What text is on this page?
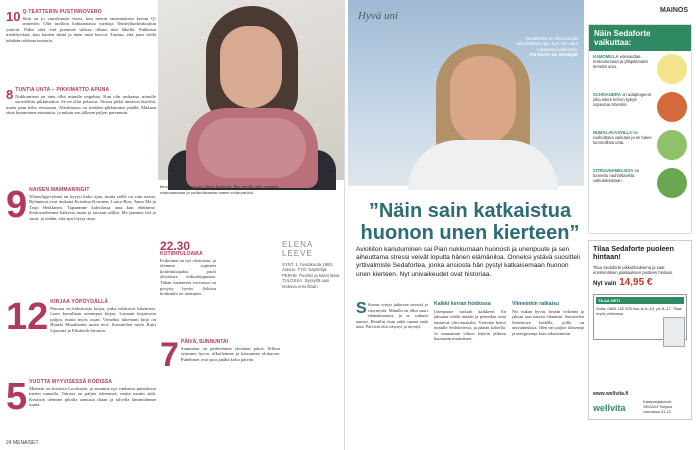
10 Q-TEATTERIN PUSTINNOVERO

Siitä on jo vuosikausia vuosi, kun menin ensimmäisen kerran Q-teatteriin. Olin tuolloin kohtaamassa vanhoja Teatterikorkeakoulun ystäviä. Pidin siitä että pienessä salissa ollaan niin lähellä. Puhkesin mielihyvästä, kun kuulen ääniä ja näen tutut kasvot. Tuntuu, että juuri siellä tehdään rohkeaa teatteria.

8 TUNTIA UNTA – PIKKIMATTO APUNA

Nukkumisen on aina ollut minulle ongelma. Kun olin raskaana, minulle suositeltiin pikkimattoa. Se on ollut pelastus. Alussa piikit tuntuvat ikäviltä, mutta pian keho rentoutuu. Alkulmassa on useiden pikkimaton päällä. Makaan siinä kymmenen minuuttia, ja nukun sen jälkeen paljon paremmin.

9 NAISEN MAMMARINGIT

WhatsApp-ryhmä on kyyyti koko ajan, mutta siellä on vain naisia. Ryhmässä ovat mukana Kristiina Kosonen, Laura Birn, Anna Ma ja Tarja Heikkinen. Tapaamme kahvilassa aina kun ehdimme. Keskustelemme kaikesta maan ja taivaan väliltä. Me jaamme ilot ja surut, ja tiedän, että apu löytyy aina.

12 KIRJAA YÖPÖYDÄLLÄ

Pinossa on kaksitoista kirjaa, jotka odottavat lukemista. Luen kerrallaan useampaa kirjaa. Lainaan kirjastosta paljon, mutta myös ostan. Viimeksi lukemani kirja on Haruki Murakamin uusin teos. Suosittelen myös Katri Lipsonia ja Elisabeth Stroutia.

5 VUOTTA MYYVISESSÄ KODISSA

Mieheni on kotoisin Loviisasta, ja asumme nyt vanhassa puutalossa meren rannalla. Talossa on paljon tekemistä, mutta nautin siitä. Kesäisin olemme pihalla aamusta iltaan ja talvella lämmitämme uunia.

kertaan on asettu moni ilman kaikesta. Sen avulla olen oppinut rentoutumaan ja rauhoittumaan ennen esiintymistä.
22.30
KOTIINTULOAIKA

Esikoinen on nyt viisitoista, ja olemme sopineet kotiintuloajaksi puoli yksitoista viikonloppuisin. Tähän mennessä sovitussa on pysytty hyvin. Arkisin kotiintulo on aiemmin.

7 PÄIVÄ, SUNNUNTAI

Sunnuntai on perheemme yhteinen päivä. Silloin syömme hyvin, ulkoilemme ja katsomme elokuvan. Puhelimet ovat pois päältä koko päivän.

ELENA LEEVE
SYNT. 1. heinäkuuta 1983, Alavus. TYÖ: Näyttelijä. PERHE: Puoliso ja kaksi lasta. TULOSSA: Syksyllä uusi elokuva ensi-iltaan.
24 MENAISET
Hyvä uni
– Sedafortea on ollut minulle taloudellinen apu, kun olen ollut tukalassa vaiheessa.
Pia Korte, 54, Seinäjoki
MAINOS
”Näin sain katkaistua huonon unen kierteen”
Avioliiton kariutuminen sai Pian nukkumaan huonosti ja unenpuute ja sen aiheuttama stressi veivät lopulta hänen elämäniloa. Onneksi ystävä suositteli yrttivalmiste Sedafortea, jonka ansiosta hän pystyi katkaisemaan huonon unen kierteen. Nyt univaikeudet ovat historiaa.
S Sinnus syntyi jatkuvaa stressiä ja väsymystä. Minulla on ollut suuri elämänmuutos, ja se vaikutti uneeni. Heräilin öisin enkä saanut enää unta. Päivisin olin väsynyt ja ärtynyt.
Kaikki kerran hoidossa
Unenpuute vaikutti kaikkeen. En jaksanut tehdä mitään ja pienetkin asiat tuntuivat ylivoimaisilta. Ystäväni kertoi minulle Sedafortesta, ja päätin kokeilla. Jo muutaman viikon käytön jälkeen huomasin muutoksen.
Viimeinkin ratkaisu
Nyt nukun hyvin, herään virkeänä ja jaksan taas nauttia elämästä. Suosittelen Sedafortea kaikille, joilla on univaikeuksia. Olen nyt paljon iloisempi ja energisempi kuin aikaisemmin.
Näin Sedaforte vaikuttaa:
KAMOMILLA edesauttaa rentoutumaan ja ylläpitämään terveitä unia.
SCHISANDRA on adaptogeeni, joka tukee kehon kykyä sopeutua stressiin.
HUMALAKASVILLA on rauhoittava vaikutus ja se tukee luonnollista unta.
SITRUUNAMELISSA on tunnettu rauhoittavista vaikutuksistaan.
Tilaa Sedaforte puoleen hintaan!
Tilaa Sedaforte pikkutilauksena ja saat ensimmäisen pakkauksen puoleen hintaan.
Nyt vain 14,95 €
TILAA HETI
Soita: 0800 152 525 ma–to 8–19, pe 8–17. Tilaa myös verkossa.
www.wellvita.fi
wellvita
Kampanjakoodi: SEDA24 Tarjous voimassa 31.12.
